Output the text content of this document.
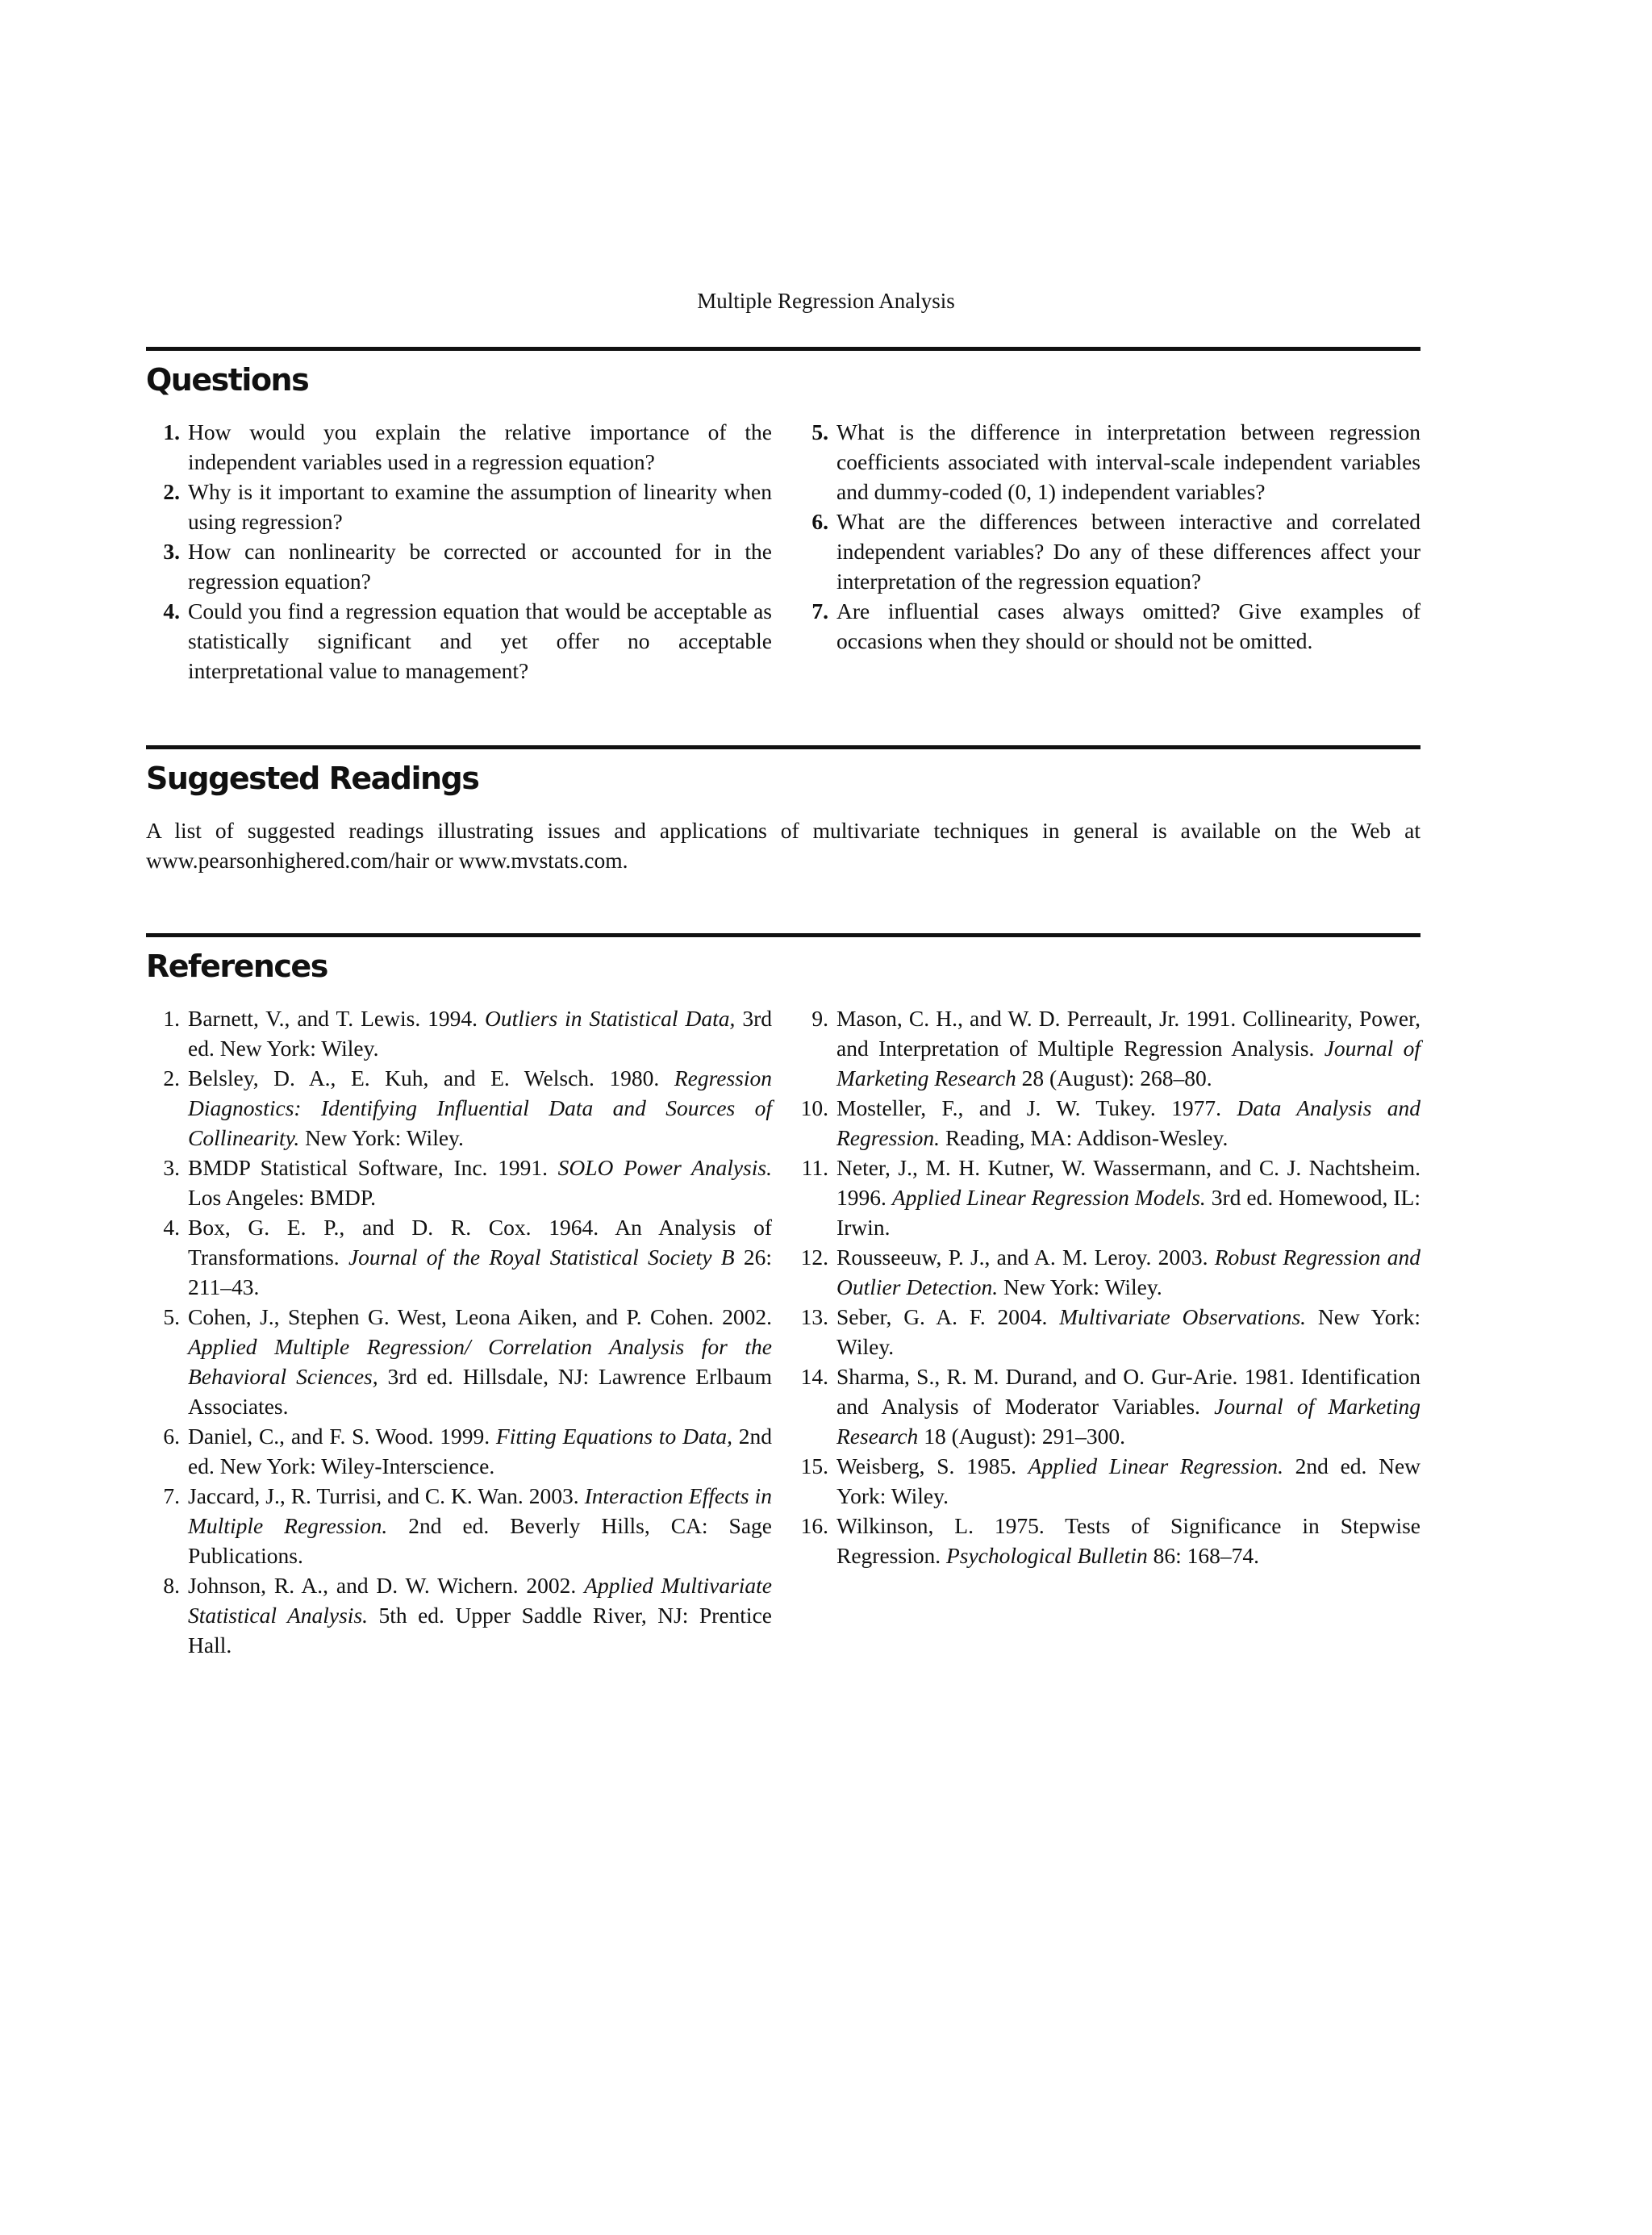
Multiple Regression Analysis
Questions
1. How would you explain the relative importance of the independent variables used in a regression equation?
2. Why is it important to examine the assumption of linearity when using regression?
3. How can nonlinearity be corrected or accounted for in the regression equation?
4. Could you find a regression equation that would be acceptable as statistically significant and yet offer no acceptable interpretational value to management?
5. What is the difference in interpretation between regression coefficients associated with interval-scale independent variables and dummy-coded (0, 1) independent variables?
6. What are the differences between interactive and correlated independent variables? Do any of these differences affect your interpretation of the regression equation?
7. Are influential cases always omitted? Give examples of occasions when they should or should not be omitted.
Suggested Readings
A list of suggested readings illustrating issues and applications of multivariate techniques in general is available on the Web at www.pearsonhighered.com/hair or www.mvstats.com.
References
1. Barnett, V., and T. Lewis. 1994. Outliers in Statistical Data, 3rd ed. New York: Wiley.
2. Belsley, D. A., E. Kuh, and E. Welsch. 1980. Regression Diagnostics: Identifying Influential Data and Sources of Collinearity. New York: Wiley.
3. BMDP Statistical Software, Inc. 1991. SOLO Power Analysis. Los Angeles: BMDP.
4. Box, G. E. P., and D. R. Cox. 1964. An Analysis of Transformations. Journal of the Royal Statistical Society B 26: 211–43.
5. Cohen, J., Stephen G. West, Leona Aiken, and P. Cohen. 2002. Applied Multiple Regression/ Correlation Analysis for the Behavioral Sciences, 3rd ed. Hillsdale, NJ: Lawrence Erlbaum Associates.
6. Daniel, C., and F. S. Wood. 1999. Fitting Equations to Data, 2nd ed. New York: Wiley-Interscience.
7. Jaccard, J., R. Turrisi, and C. K. Wan. 2003. Interaction Effects in Multiple Regression. 2nd ed. Beverly Hills, CA: Sage Publications.
8. Johnson, R. A., and D. W. Wichern. 2002. Applied Multivariate Statistical Analysis. 5th ed. Upper Saddle River, NJ: Prentice Hall.
9. Mason, C. H., and W. D. Perreault, Jr. 1991. Collinearity, Power, and Interpretation of Multiple Regression Analysis. Journal of Marketing Research 28 (August): 268–80.
10. Mosteller, F., and J. W. Tukey. 1977. Data Analysis and Regression. Reading, MA: Addison-Wesley.
11. Neter, J., M. H. Kutner, W. Wassermann, and C. J. Nachtsheim. 1996. Applied Linear Regression Models. 3rd ed. Homewood, IL: Irwin.
12. Rousseeuw, P. J., and A. M. Leroy. 2003. Robust Regression and Outlier Detection. New York: Wiley.
13. Seber, G. A. F. 2004. Multivariate Observations. New York: Wiley.
14. Sharma, S., R. M. Durand, and O. Gur-Arie. 1981. Identification and Analysis of Moderator Variables. Journal of Marketing Research 18 (August): 291–300.
15. Weisberg, S. 1985. Applied Linear Regression. 2nd ed. New York: Wiley.
16. Wilkinson, L. 1975. Tests of Significance in Stepwise Regression. Psychological Bulletin 86: 168–74.
